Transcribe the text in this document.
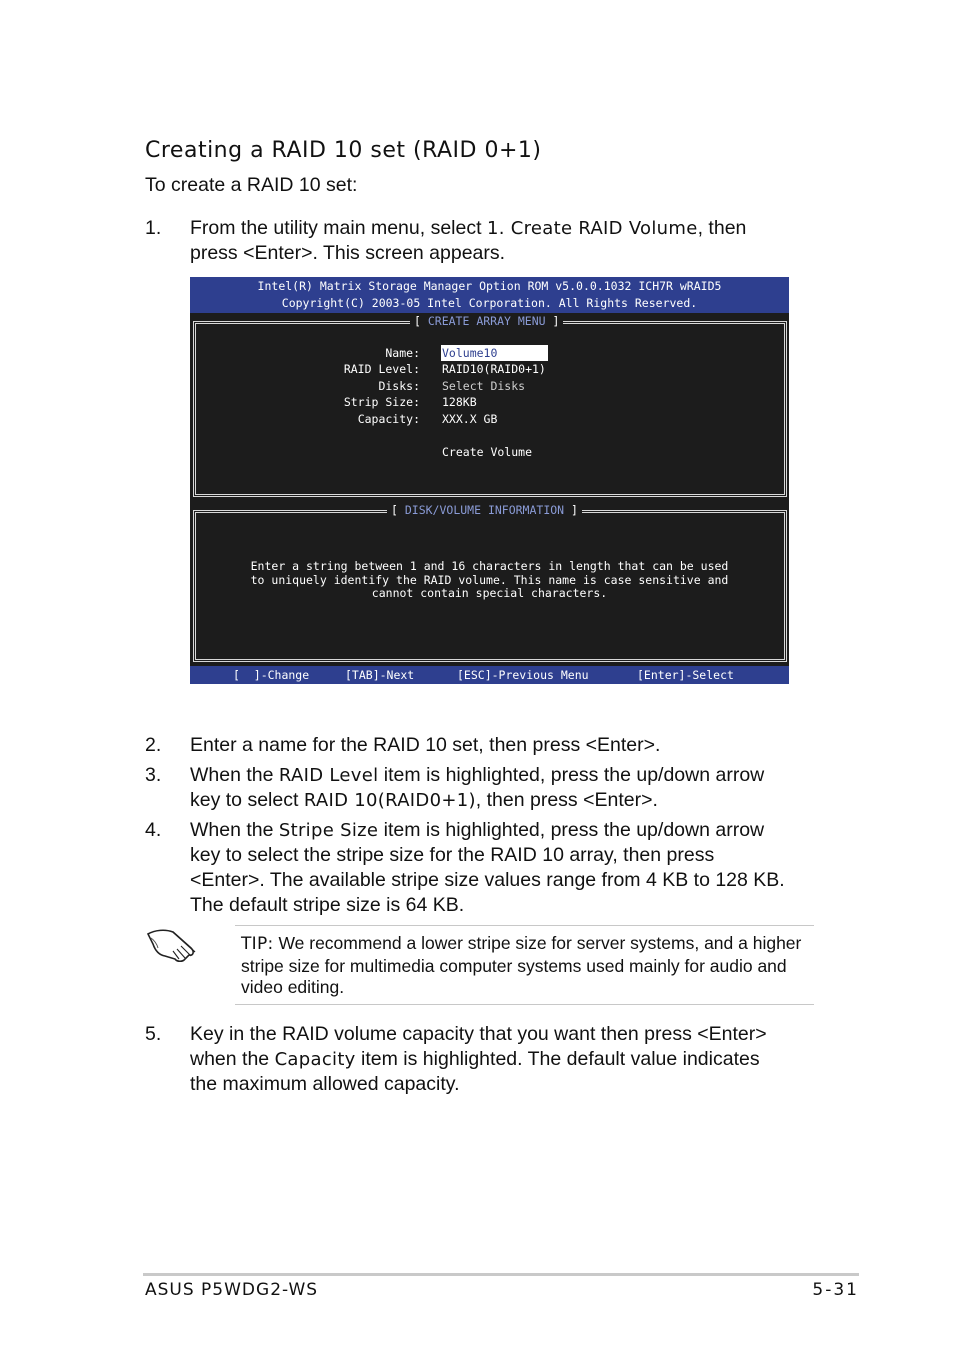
Creating a RAID 10 set (RAID 0+1)
To create a RAID 10 set:
1. From the utility main menu, select 1. Create RAID Volume, then
press <Enter>. This screen appears.
Intel(R) Matrix Storage Manager Option ROM v5.0.0.1032 ICH7R wRAID5
Copyright(C) 2003-05 Intel Corporation. All Rights Reserved.
[ CREATE ARRAY MENU ]
Name: Volume10
RAID Level: RAID10(RAID0+1)
Disks: Select Disks
Strip Size: 128KB
Capacity: XXX.X GB
Create Volume
[ DISK/VOLUME INFORMATION ]
Enter a string between 1 and 16 characters in length that can be used
to uniquely identify the RAID volume. This name is case sensitive and
cannot contain special characters.
[  ]-Change	[TAB]-Next	[ESC]-Previous Menu	[Enter]-Select
2. Enter a name for the RAID 10 set, then press <Enter>.
3. When the RAID Level item is highlighted, press the up/down arrow
key to select RAID 10(RAID0+1), then press <Enter>.
4. When the Stripe Size item is highlighted, press the up/down arrow
key to select the stripe size for the RAID 10 array, then press
<Enter>. The available stripe size values range from 4 KB to 128 KB.
The default stripe size is 64 KB.
TIP: We recommend a lower stripe size for server systems, and a higher
stripe size for multimedia computer systems used mainly for audio and
video editing.
5. Key in the RAID volume capacity that you want then press <Enter>
when the Capacity item is highlighted. The default value indicates
the maximum allowed capacity.
ASUS P5WDG2-WS	5-31
